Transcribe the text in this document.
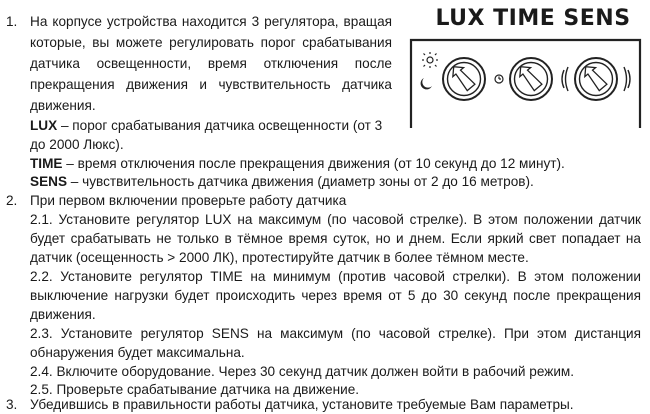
1. На корпусе устройства находится 3 регулятора, вращая
которые, вы можете регулировать порог срабатывания
датчика освещенности, время отключения после
прекращения движения и чувствительность датчика
движения.
LUX – порог срабатывания датчика освещенности (от 3
до 2000 Люкс).
TIME – время отключения после прекращения движения (от 10 секунд до 12 минут).
SENS – чувствительность датчика движения (диаметр зоны от 2 до 16 метров).
2. При первом включении проверьте работу датчика
2.1. Установите регулятор LUX на максимум (по часовой стрелке). В этом положении датчик
будет срабатывать не только в тёмное время суток, но и днем. Если яркий свет попадает на
датчик (осещенность > 2000 ЛК), протестируйте датчик в более тёмном месте.
2.2. Установите регулятор TIME на минимум (против часовой стрелки). В этом положении
выключение нагрузки будет происходить через время от 5 до 30 секунд после прекращения
движения.
2.3. Установите регулятор SENS на максимум (по часовой стрелке). При этом дистанция
обнаружения будет максимальна.
2.4. Включите оборудование. Через 30 секунд датчик должен войти в рабочий режим.
2.5. Проверьте срабатывание датчика на движение.
3. Убедившись в правильности работы датчика, установите требуемые Вам параметры.
LUX TIME SENS
